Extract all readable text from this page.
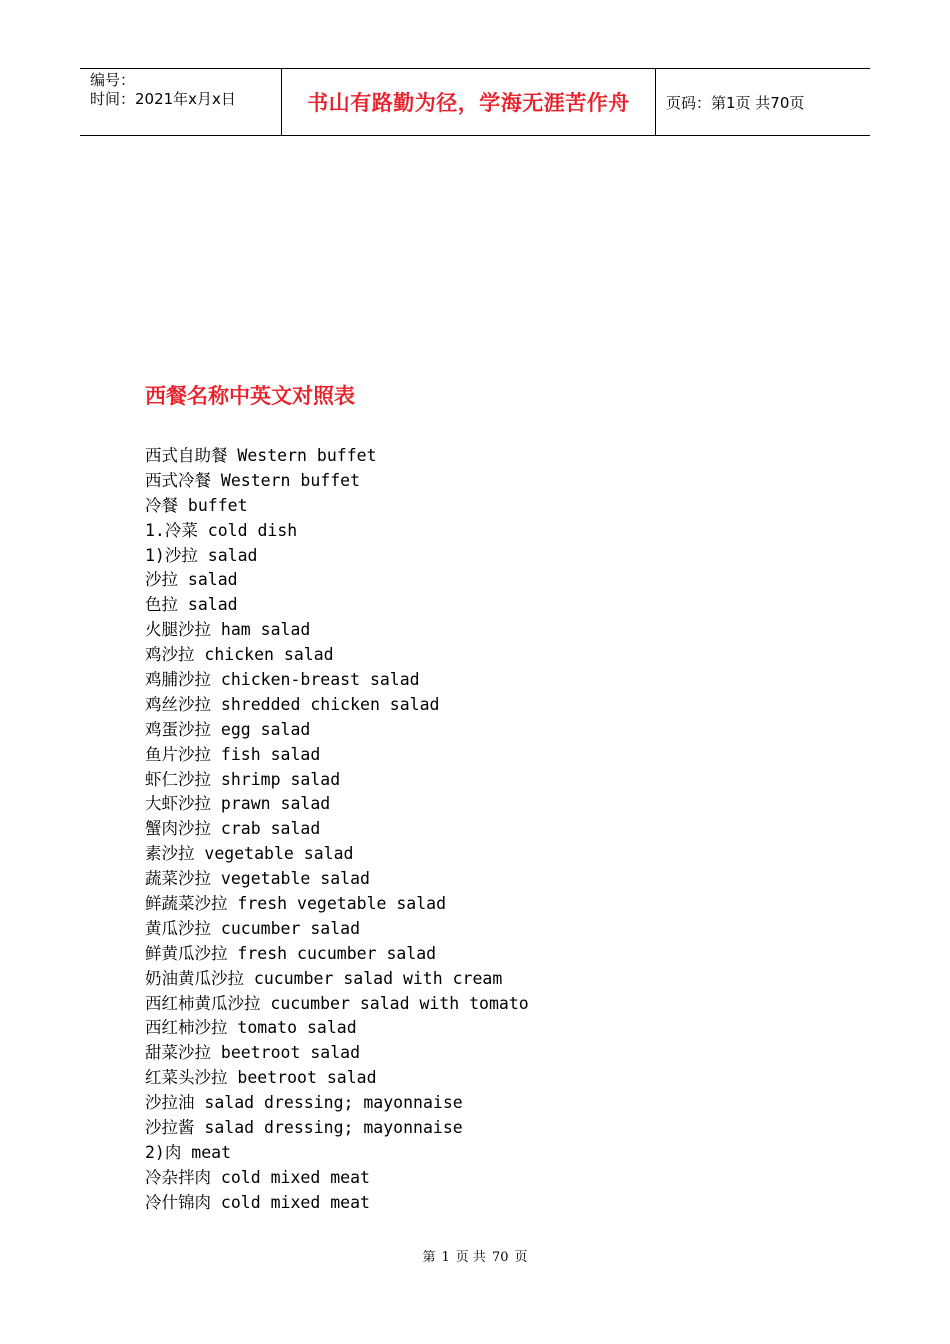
编号：
时间：2021年x月x日	书山有路勤为径，学海无涯苦作舟	页码：第1页 共70页
西餐名称中英文对照表
西式自助餐 Western buffet
西式冷餐 Western buffet
冷餐 buffet
1.冷菜 cold dish
1)沙拉 salad
沙拉 salad
色拉 salad
火腿沙拉 ham salad
鸡沙拉 chicken salad
鸡脯沙拉 chicken-breast salad
鸡丝沙拉 shredded chicken salad
鸡蛋沙拉 egg salad
鱼片沙拉 fish salad
虾仁沙拉 shrimp salad
大虾沙拉 prawn salad
蟹肉沙拉 crab salad
素沙拉 vegetable salad
蔬菜沙拉 vegetable salad
鲜蔬菜沙拉 fresh vegetable salad
黄瓜沙拉 cucumber salad
鲜黄瓜沙拉 fresh cucumber salad
奶油黄瓜沙拉 cucumber salad with cream
西红柿黄瓜沙拉 cucumber salad with tomato
西红柿沙拉 tomato salad
甜菜沙拉 beetroot salad
红菜头沙拉 beetroot salad
沙拉油 salad dressing; mayonnaise
沙拉酱 salad dressing; mayonnaise
2)肉 meat
冷杂拌肉 cold mixed meat
冷什锦肉 cold mixed meat
第 1 页 共 70 页
